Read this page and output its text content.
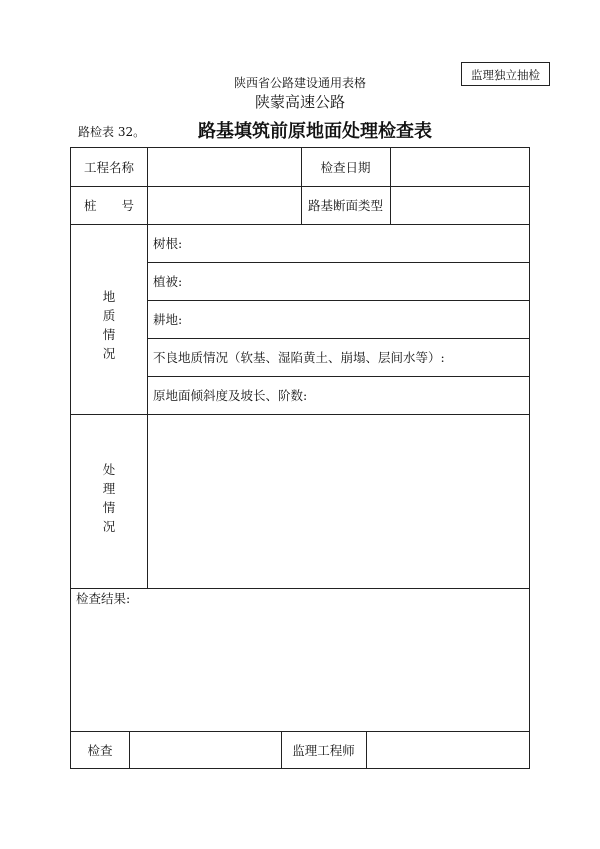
监理独立抽检
陕西省公路建设通用表格
陕蒙高速公路
路检表 32。	路基填筑前原地面处理检查表
工程名称	检查日期
桩　　号	路基断面类型
地
质
情
况
树根:
植被:
耕地:
不良地质情况（软基、湿陷黄土、崩塌、层间水等）:
原地面倾斜度及坡长、阶数:
处
理
情
况
检查结果:
检查	监理工程师
